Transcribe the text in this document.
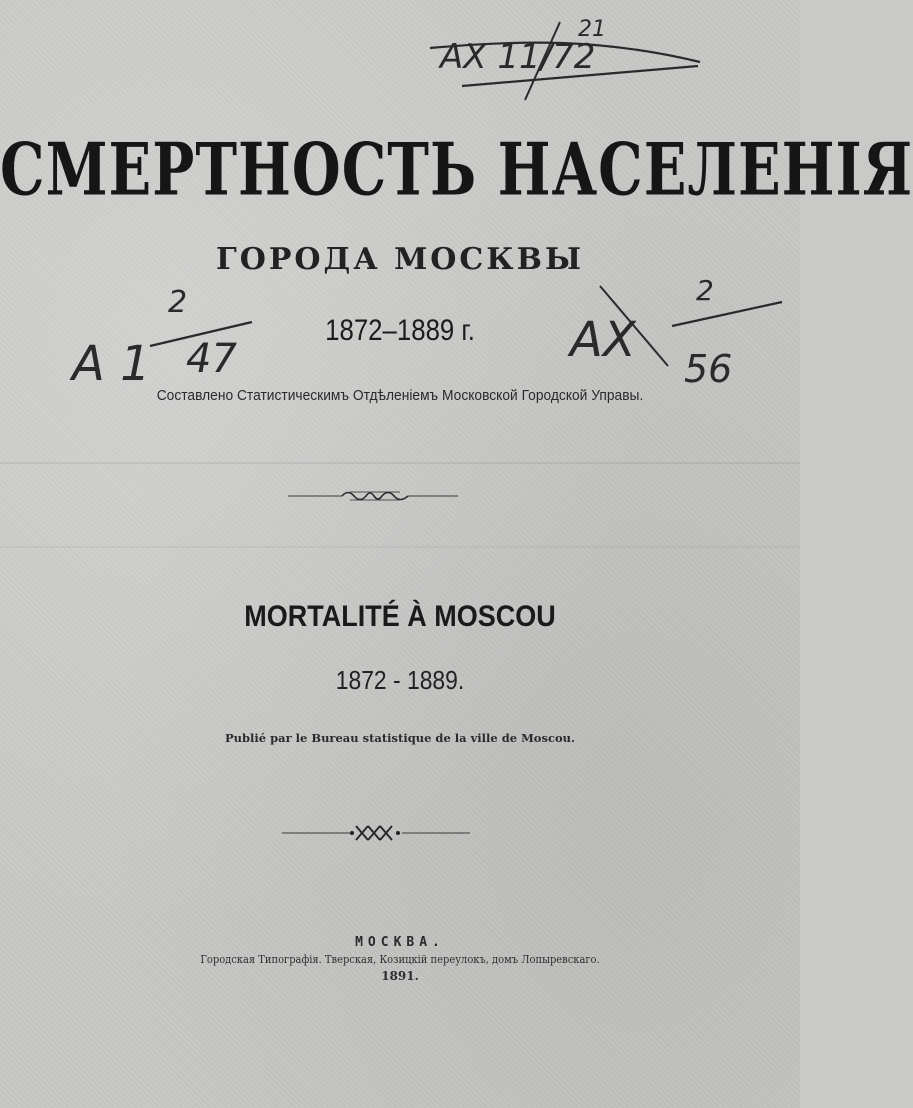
СМЕРТНОСТЬ НАСЕЛЕНІЯ
ГОРОДА МОСКВЫ
1872–1889 г.
Составлено Статистическимъ Отдѣленіемъ Московской Городской Управы.
MORTALITÉ À MOSCOU
1872 - 1889.
Publié par le Bureau statistique de la ville de Moscou.
МОСКВА.
Городская Типографія. Тверская, Козицкій переулокъ, домъ Лопыревскаго.
1891.
АХ 11/72
21
А 1
2
47	АХ
2
56
